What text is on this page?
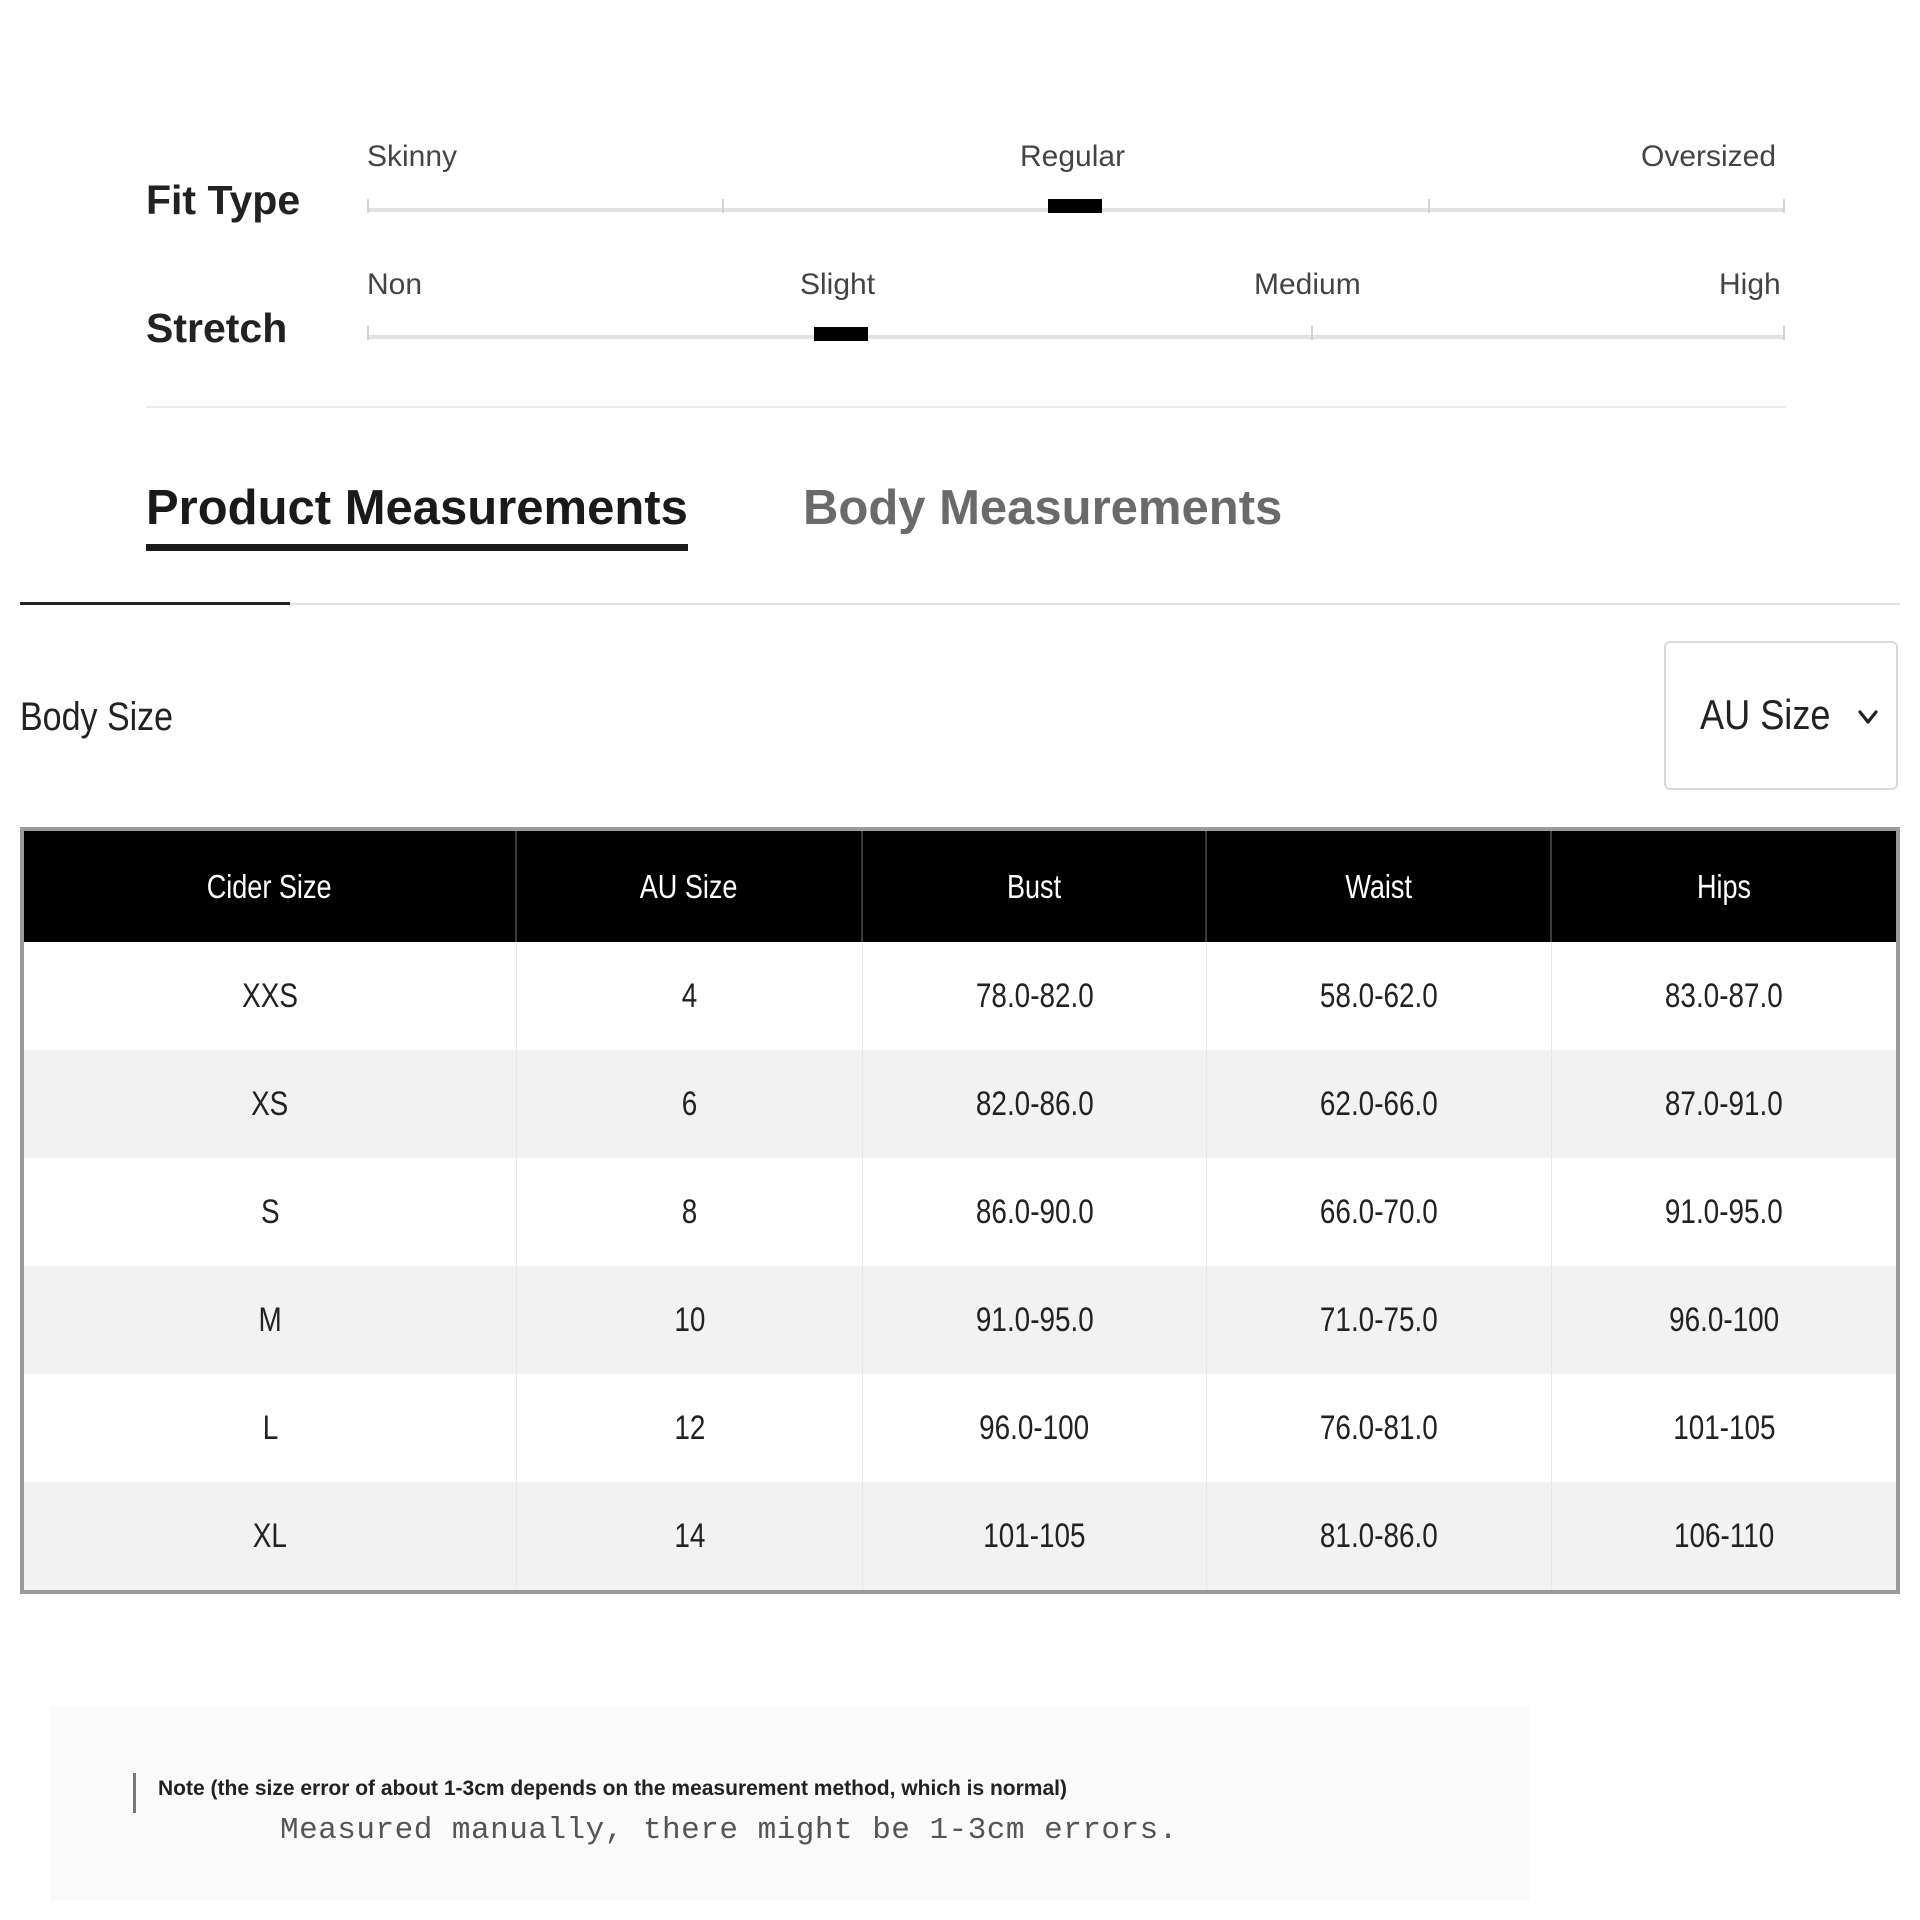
Fit Type
Skinny	Regular	Oversized
Stretch
Non	Slight	Medium	High
Product Measurements Body Measurements
Body Size	AU Size
Cider Size	AU Size	Bust	Waist	Hips
XXS	4	78.0-82.0	58.0-62.0	83.0-87.0
XS	6	82.0-86.0	62.0-66.0	87.0-91.0
S	8	86.0-90.0	66.0-70.0	91.0-95.0
M	10	91.0-95.0	71.0-75.0	96.0-100
L	12	96.0-100	76.0-81.0	101-105
XL	14	101-105	81.0-86.0	106-110
Note (the size error of about 1-3cm depends on the measurement method, which is normal)
Measured manually, there might be 1-3cm errors.
